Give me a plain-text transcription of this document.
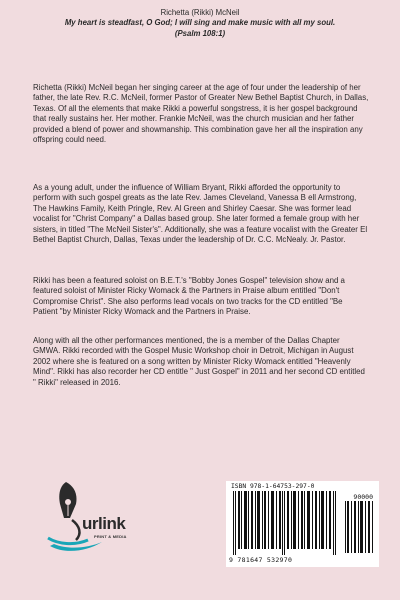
Richetta (Rikki) McNeil
My heart is steadfast, O God; I will sing and make music with all my soul.
(Psalm 108:1)

Richetta (Rikki) McNeil began her singing career at the age of four under the leadership of her father, the late Rev. R.C. McNeil, former Pastor of Greater New Bethel Baptist Church, in Dallas, Texas. Of all the elements that make Rikki a powerful songstress, it is her gospel background that really sustains her. Her mother. Frankie McNeil, was the church musician and her father provided a blend of power and showmanship. This combination gave her all the inspiration any offspring could need.

As a young adult, under the influence of William Bryant, Rikki afforded the opportunity to perform with such gospel greats as the late Rev. James Cleveland, Vanessa B ell Armstrong, The Hawkins Family, Keith Pringle, Rev. Al Green and Shirley Caesar. She was former lead vocalist for "Christ Company" a Dallas based group. She later formed a female group with her sisters, in titled "The McNeil Sister's". Additionally, she was a feature vocalist with the Greater El Bethel Baptist Church, Dallas, Texas under the leadership of Dr. C.C. McNealy. Jr. Pastor.

Rikki has been a featured soloist on B.E.T.'s "Bobby Jones Gospel" television show and a featured soloist of Minister Ricky Womack & the Partners in Praise album entitled "Don't Compromise Christ". She also performs lead vocals on two tracks for the CD entitled "Be Patient "by Minister Ricky Womack and the Partners in Praise.

Along with all the other performances mentioned, the is a member of the Dallas Chapter GMWA. Rikki recorded with the Gospel Music Workshop choir in Detroit, Michigan in August 2002 where she is featured on a song written by Minister Ricky Womack entitled "Heavenly Mind". Rikki has also recorder her CD entitle " Just Gospel" in 2011 and her second CD entitled " Rikki" released in 2016.

urlink
PRINT & MEDIA
ISBN 978-1-64753-297-0
90000
9 781647 532970
